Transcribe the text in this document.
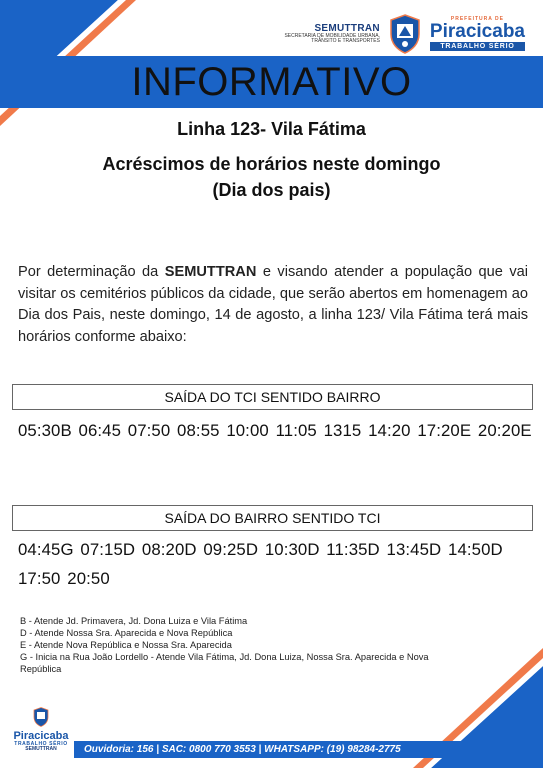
SEMUTTRAN
SECRETARIA DE MOBILIDADE URBANA,
TRÂNSITO E TRANSPORTES
PREFEITURA DE
Piracicaba
TRABALHO SÉRIO
INFORMATIVO
Linha 123- Vila Fátima
Acréscimos de horários neste domingo
(Dia dos pais)
Por determinação da SEMUTTRAN e visando atender a população que vai visitar os cemitérios públicos da cidade, que serão abertos em homenagem ao Dia dos Pais, neste domingo, 14 de agosto, a linha 123/ Vila Fátima terá mais horários conforme abaixo:
SAÍDA DO TCI SENTIDO BAIRRO
05:30B 06:45 07:50 08:55 10:00 11:05 1315 14:20 17:20E 20:20E
SAÍDA DO BAIRRO SENTIDO TCI
04:45G 07:15D 08:20D 09:25D 10:30D 11:35D 13:45D 14:50D 17:50 20:50
B - Atende Jd. Primavera, Jd. Dona Luiza e Vila Fátima
D - Atende Nossa Sra. Aparecida e Nova República
E - Atende Nova República e Nossa Sra. Aparecida
G - Inicia na Rua João Lordello - Atende Vila Fátima, Jd. Dona Luiza, Nossa Sra. Aparecida e Nova República
Piracicaba
TRABALHO SÉRIO
SEMUTTRAN	Ouvidoria: 156 | SAC: 0800 770 3553 | WHATSAPP: (19) 98284-2775
